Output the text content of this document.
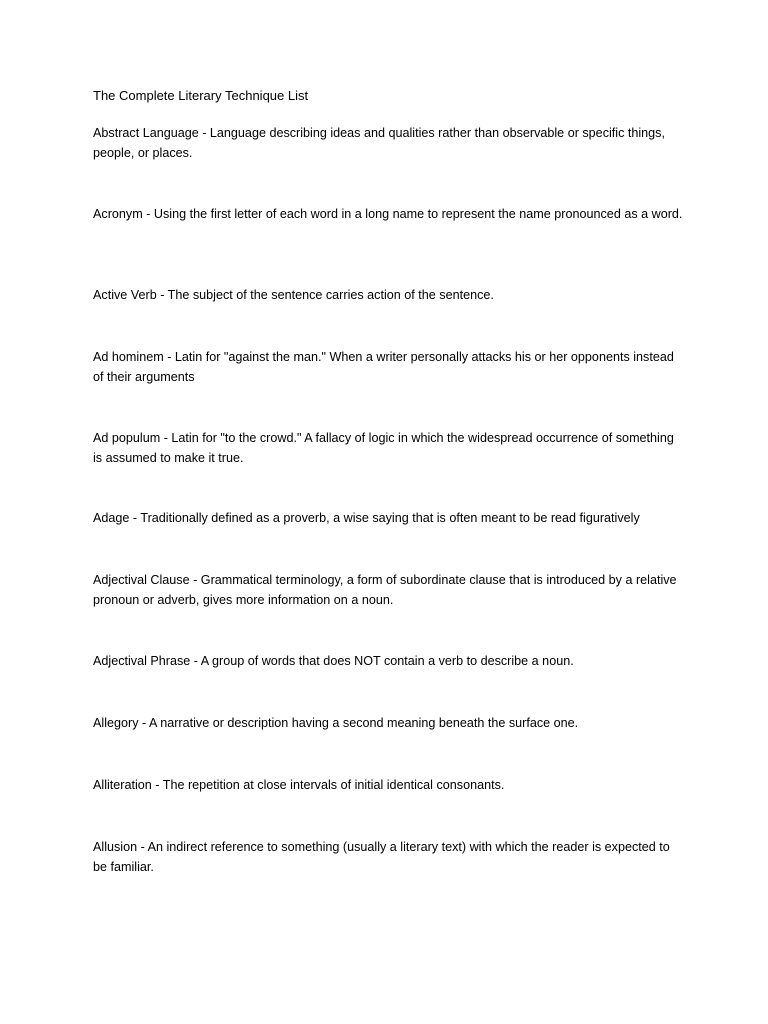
The Complete Literary Technique List
Abstract Language - Language describing ideas and qualities rather than observable or specific things, people, or places.
Acronym - Using the first letter of each word in a long name to represent the name pronounced as a word.
Active Verb - The subject of the sentence carries action of the sentence.
Ad hominem - Latin for "against the man." When a writer personally attacks his or her opponents instead of their arguments
Ad populum - Latin for "to the crowd." A fallacy of logic in which the widespread occurrence of something is assumed to make it true.
Adage - Traditionally defined as a proverb, a wise saying that is often meant to be read figuratively
Adjectival Clause - Grammatical terminology, a form of subordinate clause that is introduced by a relative pronoun or adverb, gives more information on a noun.
Adjectival Phrase - A group of words that does NOT contain a verb to describe a noun.
Allegory - A narrative or description having a second meaning beneath the surface one.
Alliteration - The repetition at close intervals of initial identical consonants.
Allusion - An indirect reference to something (usually a literary text) with which the reader is expected to be familiar.
